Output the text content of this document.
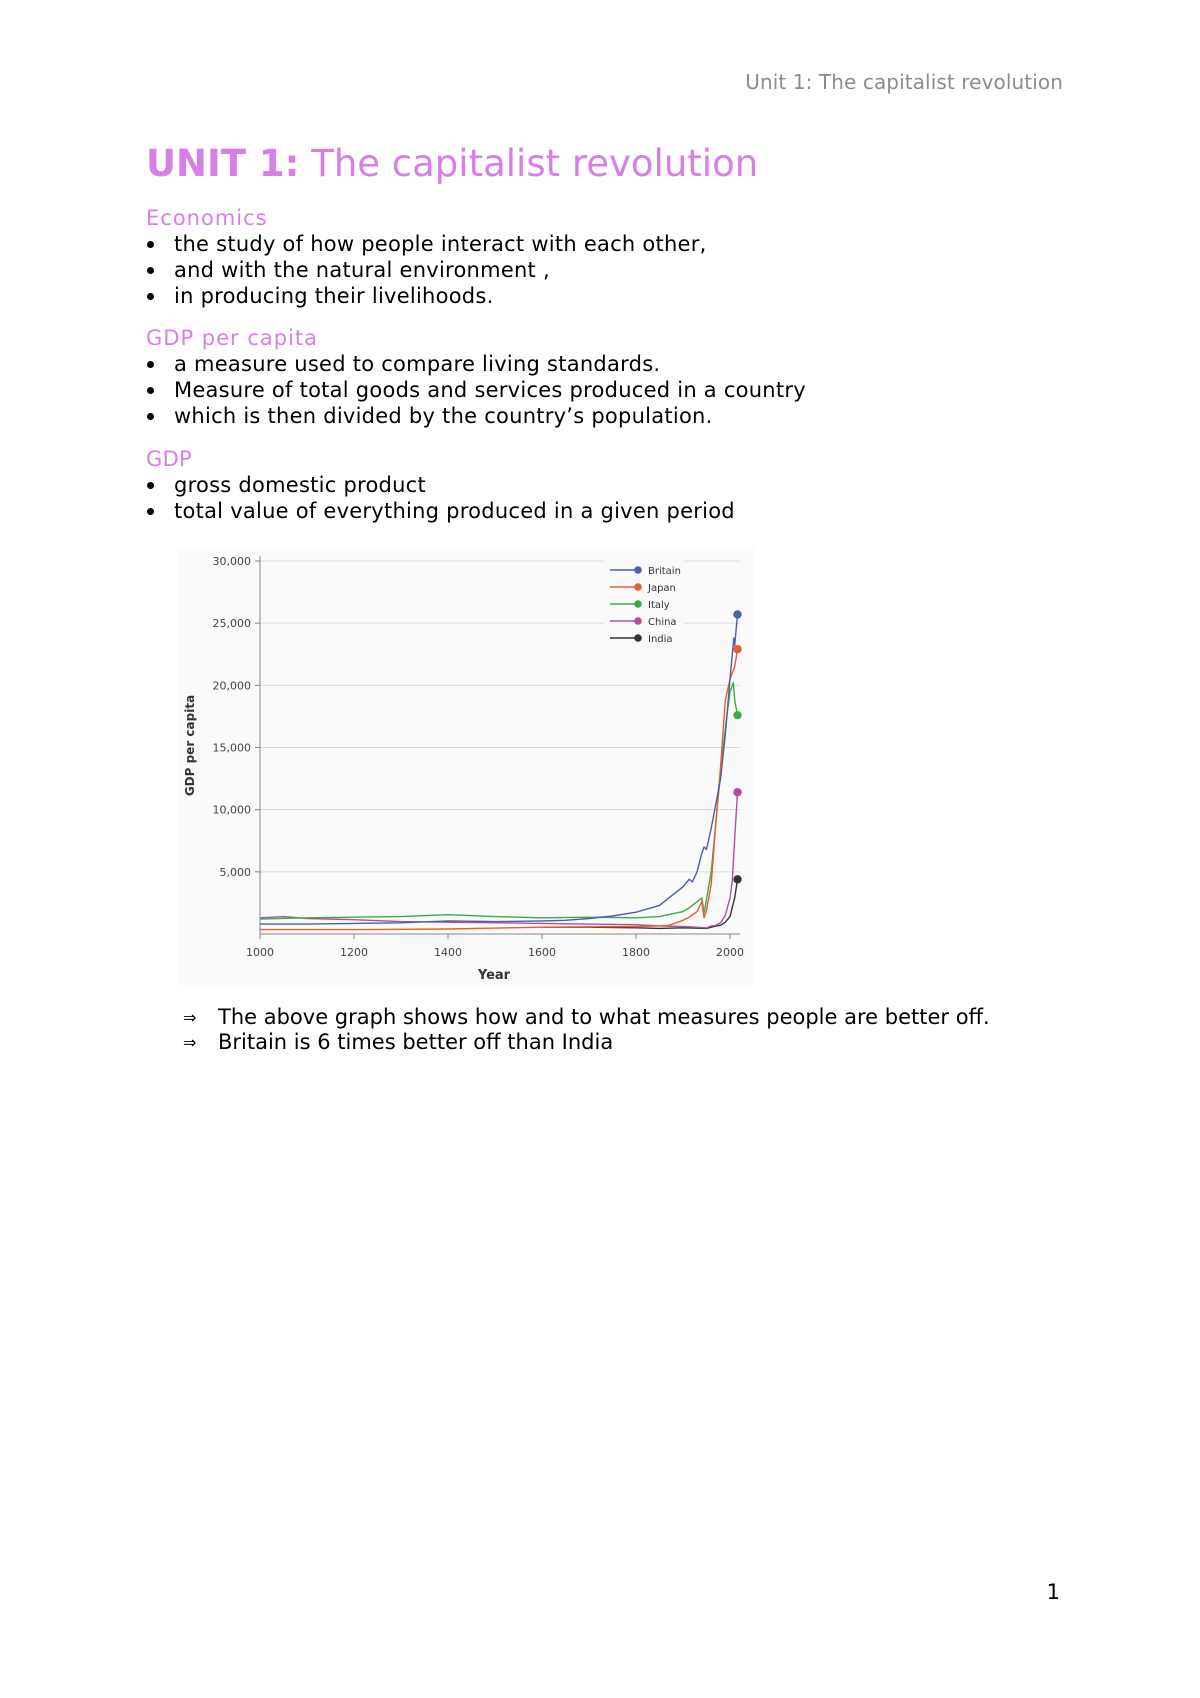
Unit 1: The capitalist revolution
UNIT 1: The capitalist revolution
Economics
the study of how people interact with each other,
and with the natural environment ,
in producing their livelihoods.
GDP per capita
a measure used to compare living standards.
Measure of total goods and services produced in a country
which is then divided by the country’s population.
GDP
gross domestic product
total value of everything produced in a given period
5,000
10,000
15,000
20,000
25,000
30,000
1000	1200	1400	1600	1800	2000
Year
GDP per capita
Britain
Japan
Italy
China
India
⇒ The above graph shows how and to what measures people are better off.
⇒ Britain is 6 times better off than India
1
